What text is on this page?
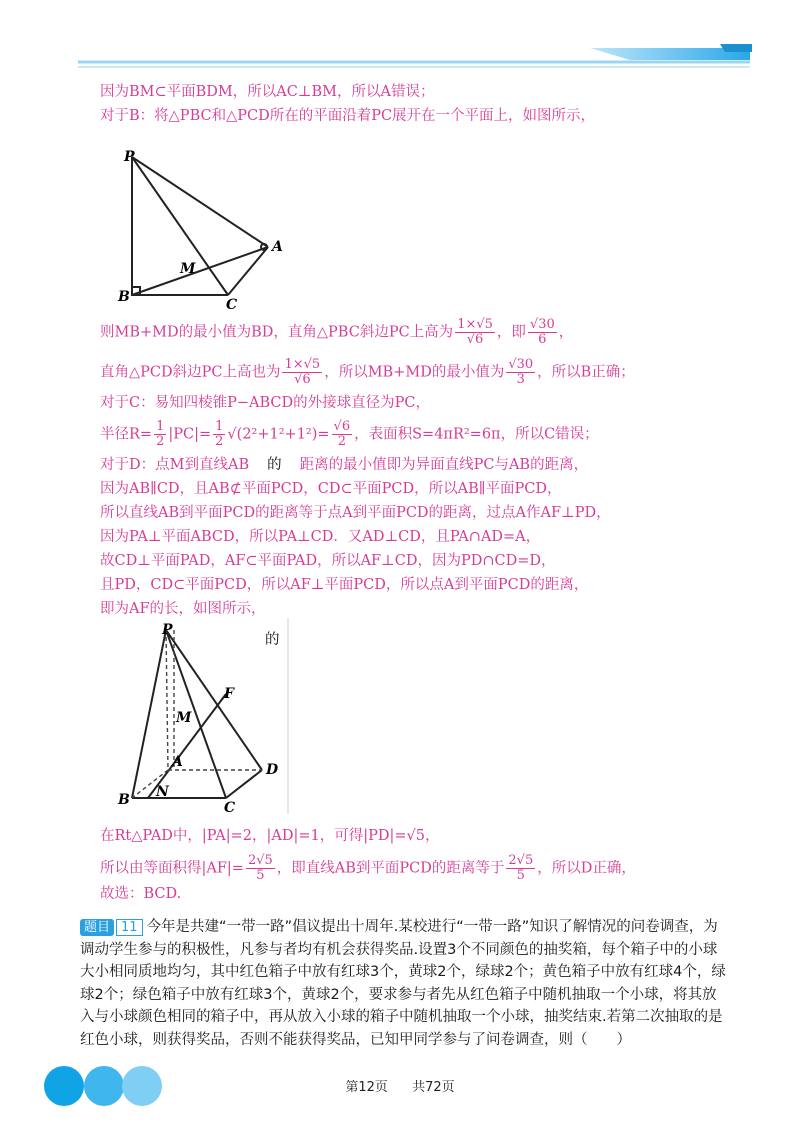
因为BM⊂平面BDM，所以AC⊥BM，所以A错误；
对于B：将△PBC和△PCD所在的平面沿着PC展开在一个平面上，如图所示，
P
A
M
B	C
则MB+MD的最小值为BD，直角△PBC斜边PC上高为 $\frac{1\times√5}{√6}$ ，即 $\frac{√30}{6}$ ，
直角△PCD斜边PC上高也为 $\frac{1\times√5}{√6}$ ，所以MB+MD的最小值为 $\frac{√30}{3}$ ，所以B正确；
对于C：易知四棱锥P−ABCD的外接球直径为PC，
半径$R= \frac{1}{2} |PC|= \frac{1}{2} √(2^2+1^2+1^2)= \frac{√6}{2}$ ，表面积S=4πR²=6π，所以C错误；
对于D：点M到直线AB 的 距离的最小值即为异面直线PC与AB的距离，
因为AB∥CD，且AB⊄平面PCD，CD⊂平面PCD，所以AB∥平面PCD，
所以直线AB到平面PCD的距离等于点A到平面PCD的距离，过点A作AF⊥PD，
因为PA⊥平面ABCD，所以PA⊥CD．又AD⊥CD，且PA∩AD=A，
故CD⊥平面PAD，AF⊂平面PAD，所以AF⊥CD，因为PD∩CD=D，
且PD，CD⊂平面PCD，所以AF⊥平面PCD，所以点A到平面PCD的距离，
即为AF的长，如图所示，
的
P
F
M
A	D
B N
C
在Rt△PAD中，|PA|=2，|AD|=1，可得|PD|=√5，
所以由等面积得$|AF|= \frac{2√5}{5}$ ，即直线AB到平面PCD的距离等于 $\frac{2√5}{5}$ ，所以D正确，
故选：BCD.
题目 11 今年是共建“一带一路”倡议提出十周年.某校进行“一带一路”知识了解情况的问卷调查，为调动学生参与的积极性，凡参与者均有机会获得奖品.设置3个不同颜色的抽奖箱，每个箱子中的小球大小相同质地均匀，其中红色箱子中放有红球3个，黄球2个，绿球2个；黄色箱子中放有红球4个，绿球2个；绿色箱子中放有红球3个，黄球2个，要求参与者先从红色箱子中随机抽取一个小球，将其放入与小球颜色相同的箱子中，再从放入小球的箱子中随机抽取一个小球，抽奖结束.若第二次抽取的是红色小球，则获得奖品，否则不能获得奖品，已知甲同学参与了问卷调查，则（　　）
第12页 共72页
